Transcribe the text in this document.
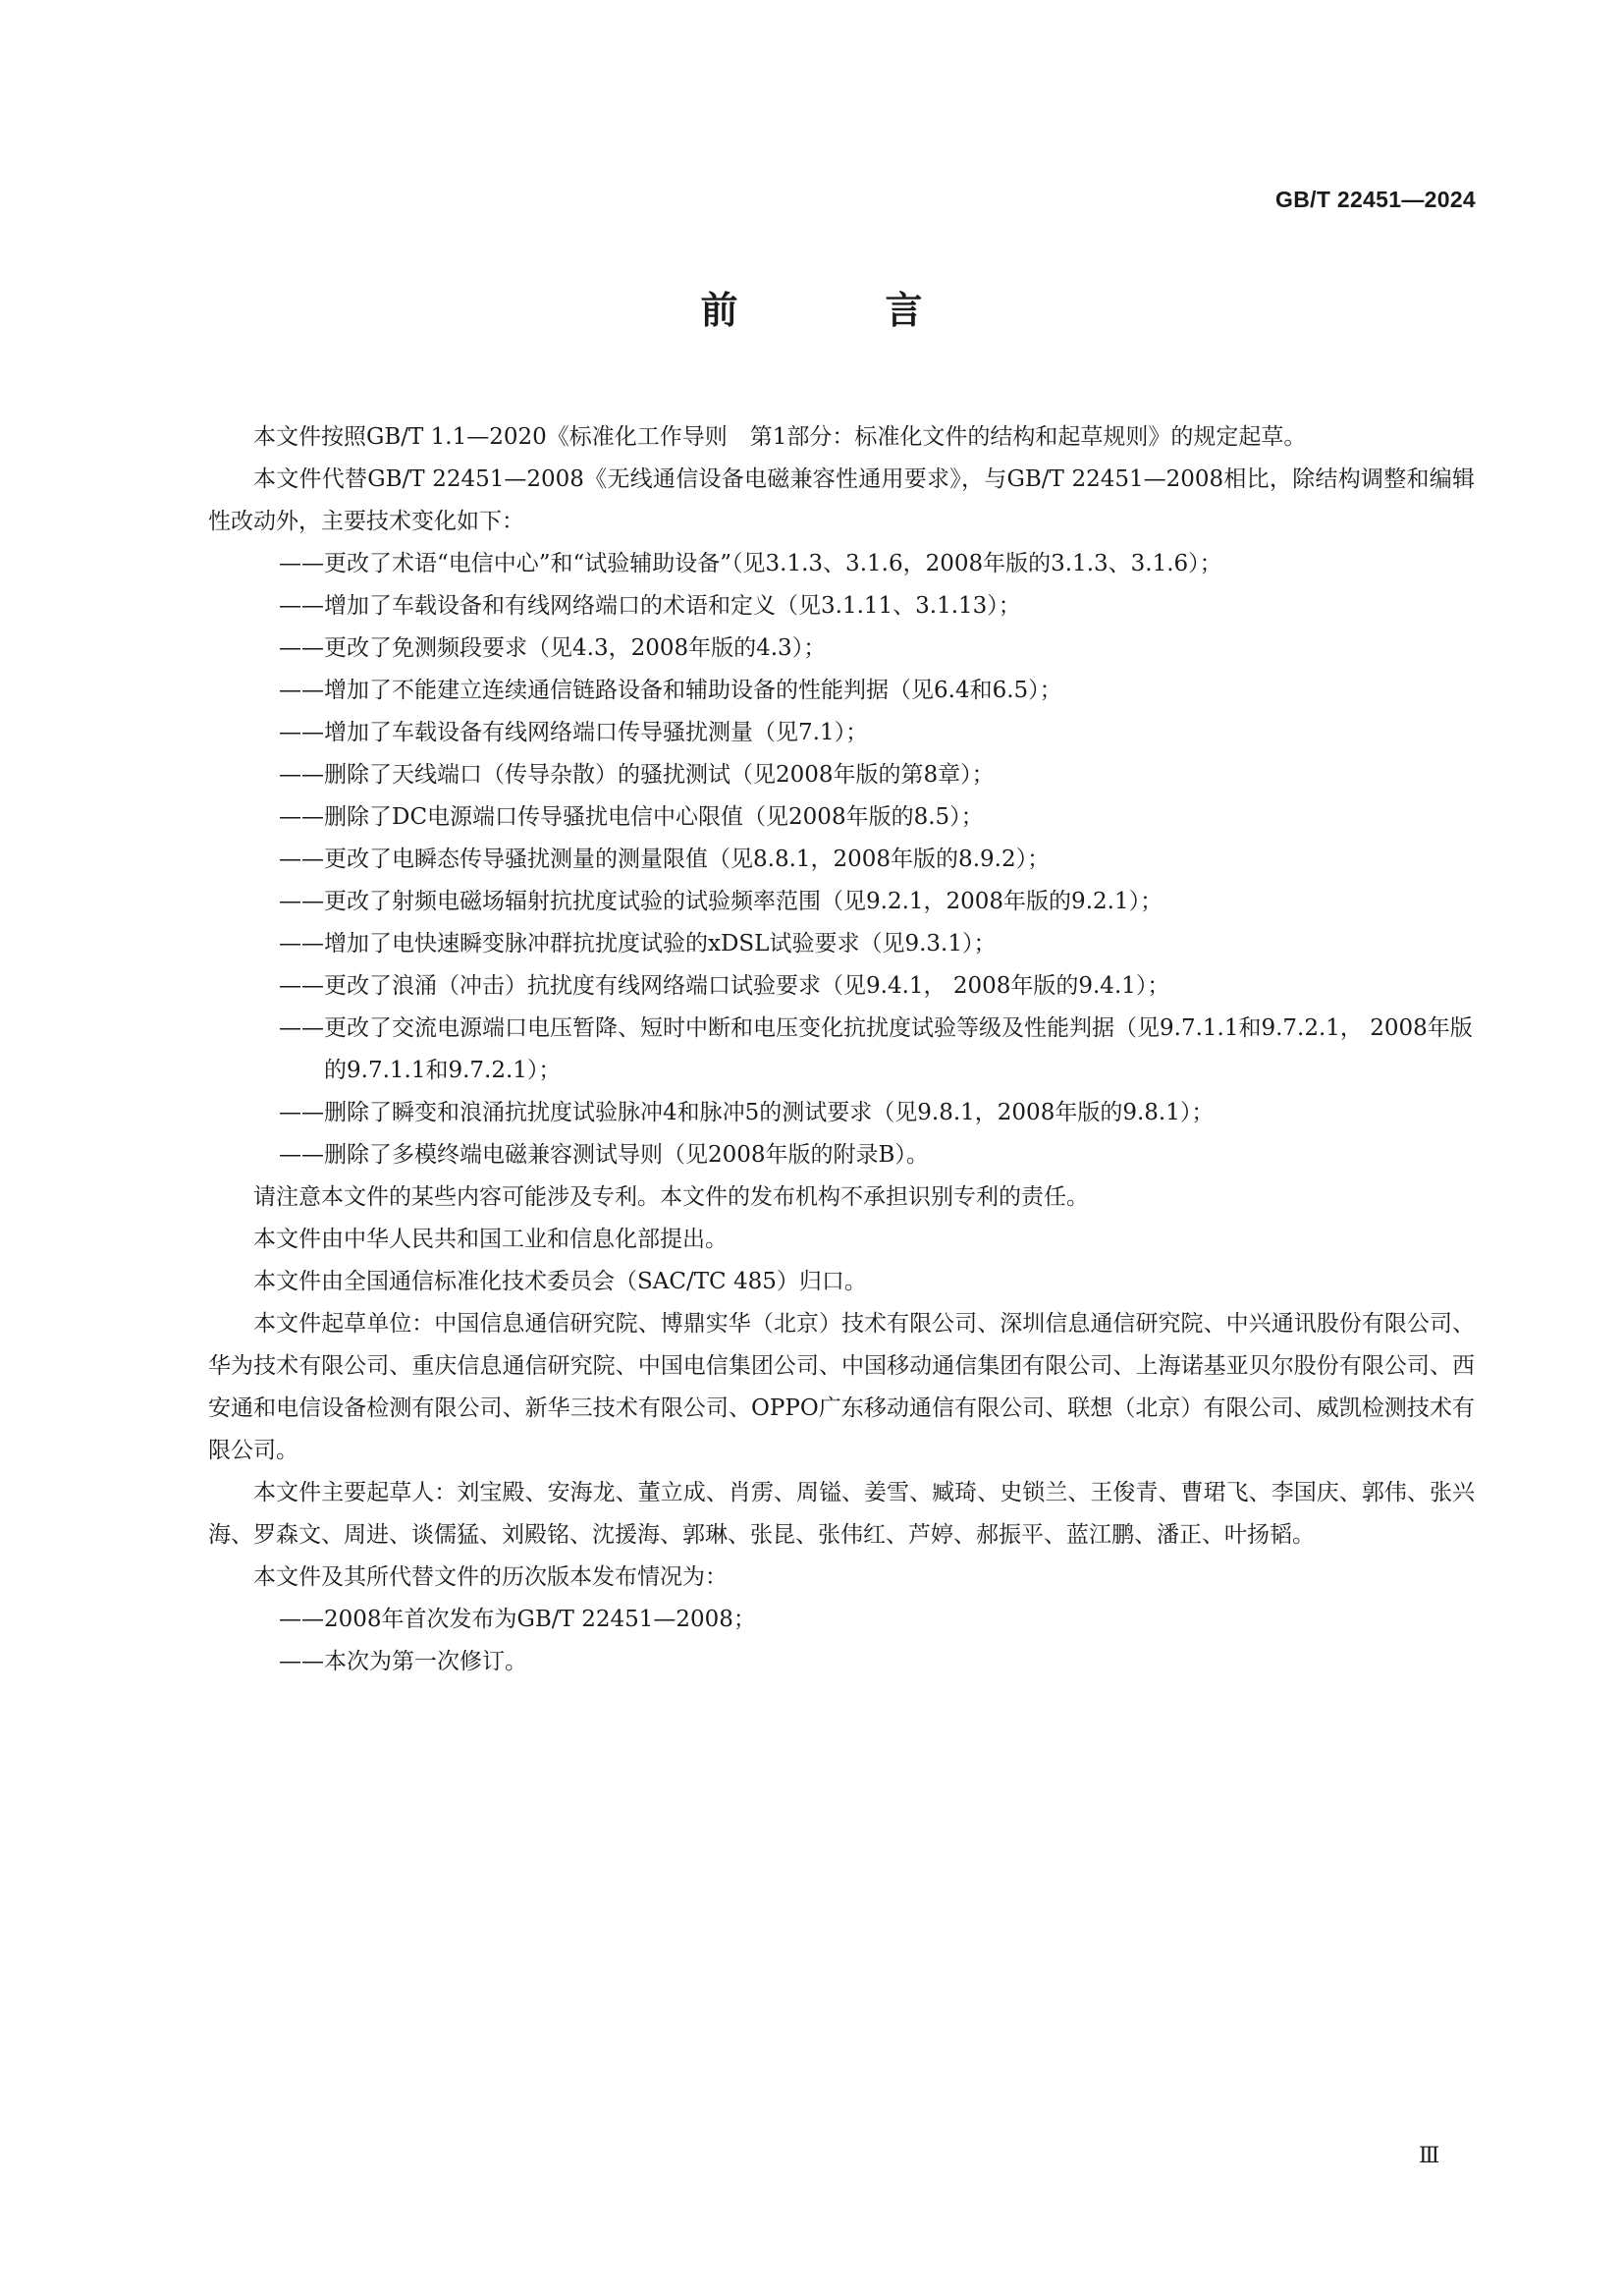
GB/T 22451—2024
前　言

本文件按照GB/T 1.1—2020《标准化工作导则　第1部分：标准化文件的结构和起草规则》的规定起草。

本文件代替GB/T 22451—2008《无线通信设备电磁兼容性通用要求》，与GB/T 22451—2008相比，除结构调整和编辑性改动外，主要技术变化如下：

——更改了术语“电信中心”和“试验辅助设备”（见3.1.3、3.1.6，2008年版的3.1.3、3.1.6）；

——增加了车载设备和有线网络端口的术语和定义（见3.1.11、3.1.13）；

——更改了免测频段要求（见4.3，2008年版的4.3）；

——增加了不能建立连续通信链路设备和辅助设备的性能判据（见6.4和6.5）；

——增加了车载设备有线网络端口传导骚扰测量（见7.1）；

——删除了天线端口（传导杂散）的骚扰测试（见2008年版的第8章）；

——删除了DC电源端口传导骚扰电信中心限值（见2008年版的8.5）；

——更改了电瞬态传导骚扰测量的测量限值（见8.8.1，2008年版的8.9.2）；

——更改了射频电磁场辐射抗扰度试验的试验频率范围（见9.2.1，2008年版的9.2.1）；

——增加了电快速瞬变脉冲群抗扰度试验的xDSL试验要求（见9.3.1）；

——更改了浪涌（冲击）抗扰度有线网络端口试验要求（见9.4.1， 2008年版的9.4.1）；

——更改了交流电源端口电压暂降、短时中断和电压变化抗扰度试验等级及性能判据（见9.7.1.1和9.7.2.1， 2008年版的9.7.1.1和9.7.2.1）；

——删除了瞬变和浪涌抗扰度试验脉冲4和脉冲5的测试要求（见9.8.1，2008年版的9.8.1）；

——删除了多模终端电磁兼容测试导则（见2008年版的附录B）。

请注意本文件的某些内容可能涉及专利。本文件的发布机构不承担识别专利的责任。

本文件由中华人民共和国工业和信息化部提出。

本文件由全国通信标准化技术委员会（SAC/TC 485）归口。

本文件起草单位：中国信息通信研究院、博鼎实华（北京）技术有限公司、深圳信息通信研究院、中兴通讯股份有限公司、华为技术有限公司、重庆信息通信研究院、中国电信集团公司、中国移动通信集团有限公司、上海诺基亚贝尔股份有限公司、西安通和电信设备检测有限公司、新华三技术有限公司、OPPO广东移动通信有限公司、联想（北京）有限公司、威凯检测技术有限公司。

本文件主要起草人：刘宝殿、安海龙、董立成、肖雳、周镒、姜雪、臧琦、史锁兰、王俊青、曹珺飞、李国庆、郭伟、张兴海、罗森文、周进、谈儒猛、刘殿铭、沈援海、郭琳、张昆、张伟红、芦婷、郝振平、蓝江鹏、潘正、叶扬韬。

本文件及其所代替文件的历次版本发布情况为：

——2008年首次发布为GB/T 22451—2008；

——本次为第一次修订。

Ⅲ
